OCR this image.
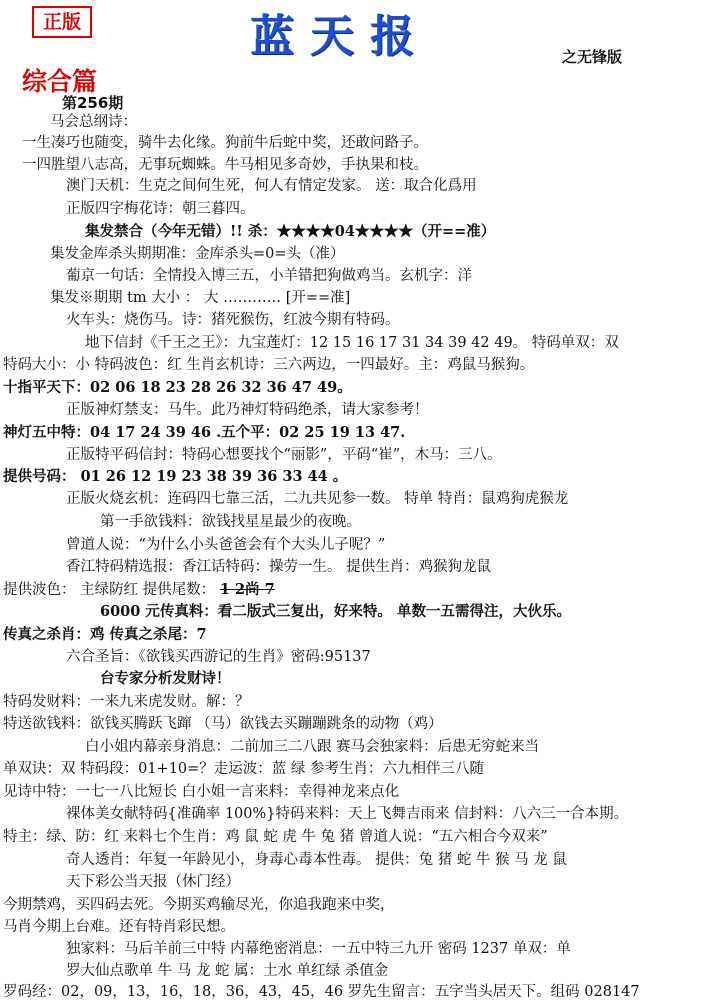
正版	蓝天报	之无锋版
综合篇
第256期
马会总纲诗：
一生凑巧也随变，骑牛去化缘。狗前牛后蛇中奖，还敢问路子。
一四胜望八志高，无事玩蜘蛛。牛马相见多奇妙，手执果和枝。
澳门天机：生克之间何生死，何人有情定发家。 送：取合化爲用
正版四字梅花诗：朝三暮四。
集发禁合（今年无错）!! 杀：★★★★04★★★★（开==准）
集发金库杀头期期准：金库杀头=0=头（准）
葡京一句话：全情投入博三五，小羊错把狗做鸡当。玄机字：洋
集发※期期 tm 大小 ： 大 ………… [开==准]
火车头：烧伤马。诗：猪死猴伤，红波今期有特码。
地下信封《千王之王》：九宝莲灯：12 15 16 17 31 34 39 42 49。 特码单双：双
特码大小：小 特码波色：红 生肖玄机诗：三六两边，一四最好。主：鸡鼠马猴狗。
十指平天下：02 06 18 23 28 26 32 36 47 49。
正版神灯禁支：马牛。此乃神灯特码绝杀，请大家参考！
神灯五中特：04 17 24 39 46 .五个平：02 25 19 13 47.
正版特平码信封：特码心想要找个“丽影”，平码“崔”，木马：三八。
提供号码： 01 26 12 19 23 38 39 36 33 44 。
正版火烧玄机：连码四七靠三活，二九共见参一数。 特单 特肖：鼠鸡狗虎猴龙
第一手欲钱料：欲钱找星星最少的夜晚。
曾道人说：“为什么小头爸爸会有个大头儿子呢？”
香江特码精选报：香江话特码：操劳一生。 提供生肖：鸡猴狗龙鼠
提供波色： 主绿防红 提供尾数： 1 2尚 7
6000 元传真料：看二版式三复出，好来特。 单数一五需得注，大伙乐。
传真之杀肖：鸡 传真之杀尾：7
六合圣旨：《欲钱买西游记的生肖》密码:95137
台专家分析发财诗！
特码发财料：一来九来虎发财。解：？
特送欲钱料：欲钱买腾跃飞蹿 （马）欲钱去买蹦蹦跳条的动物（鸡）
白小姐内幕亲身消息：二前加三二八跟 赛马会独家料：后患无穷蛇来当
单双诀：双 特码段：01+10=？走运波：蓝 绿 参考生肖：六九相伴三八随
见诗中特：一七一八比短长 白小姐一言来料：幸得神龙来点化
裸体美女献特码{准确率 100%}特码来料：天上飞舞吉雨来 信封料：八六三一合本期。
特主：绿、防：红 来料七个生肖：鸡 鼠 蛇 虎 牛 兔 猪 曾道人说：“五六相合今双来”
奇人透肖：年复一年龄见小，身毒心毒本性毒。 提供：兔 猪 蛇 牛 猴 马 龙 鼠
天下彩公当天报（休门经）
今期禁鸡，买四码去死。今期买鸡输尽光，你追我跑来中奖，
马肖今期上台难。还有特肖彩民想。
独家料：马后羊前三中特 内幕绝密消息：一五中特三九开 密码 1237 单双：单
罗大仙点歌单 牛 马 龙 蛇 属：土水 单红绿 杀值金
罗码经：02，09，13，16，18，36，43，45，46 罗先生留言：五字当头居天下。组码 028147
